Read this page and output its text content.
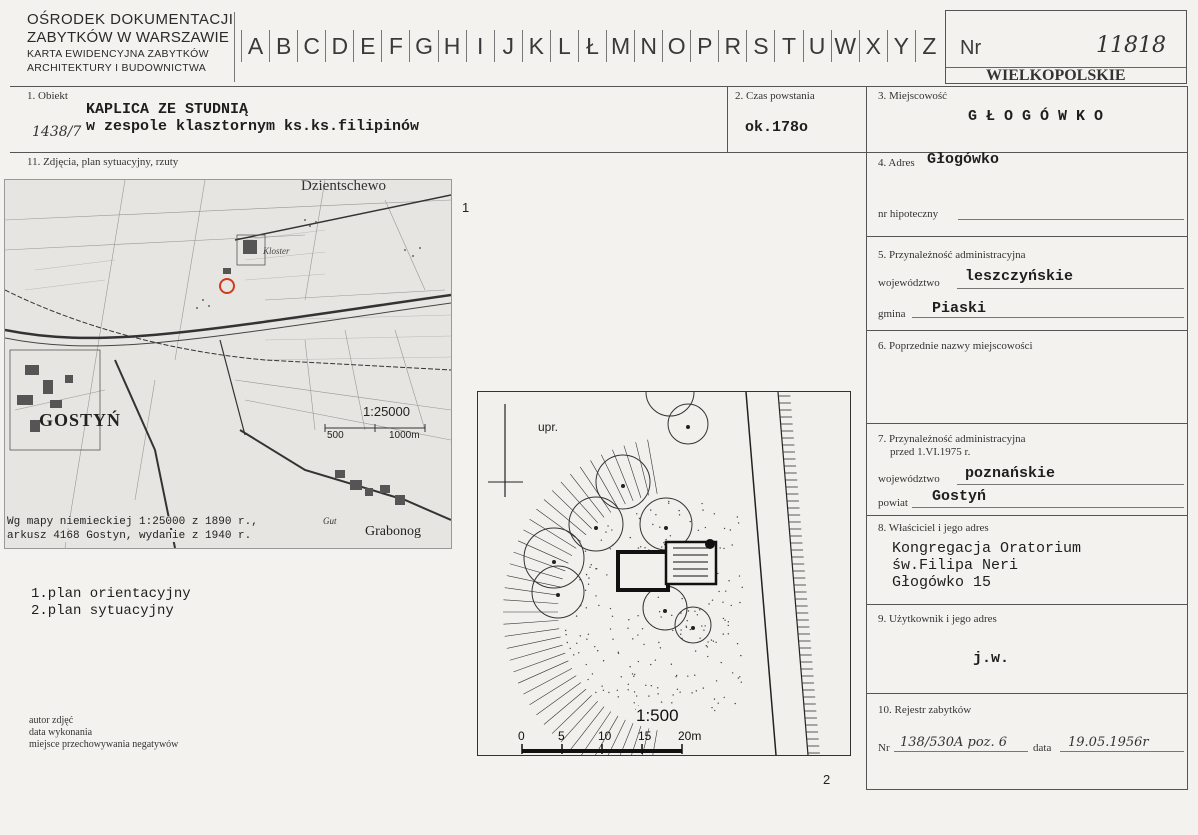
OŚRODEK DOKUMENTACJI
ZABYTKÓW W WARSZAWIE
KARTA EWIDENCYJNA ZABYTKÓW
ARCHITEKTURY I BUDOWNICTWA
A B C D E F G H I J K L Ł M N O P R S T U W X Y Z	Nr	11818
WIELKOPOLSKIE
1. Obiekt
KAPLICA ZE STUDNIĄ
w zespole klasztornym ks.ks.filipinów
1438/7
2. Czas powstania
ok.178o
3. Miejscowość
G Ł O G Ó W K O
11. Zdjęcia, plan sytuacyjny, rzuty	4. Adres Głogówko
nr hipoteczny
5. Przynależność administracyjna
województwo leszczyńskie
gmina Piaski
6. Poprzednie nazwy miejscowości
7. Przynależność administracyjna
przed 1.VI.1975 r.
województwo poznańskie
powiat Gostyń
8. Właściciel i jego adres
Kongregacja Oratorium
św.Filipa Neri
Głogówko 15
9. Użytkownik i jego adres
j.w.
10. Rejestr zabytków
Nr 138/530A poz. 6 data 19.05.1956r
Dzientschewo
Kloster
GOSTYŃ	1:25000
500	1000m
Gut
Grabonog
Wg mapy niemieckiej 1:25000 z 1890 r.,
arkusz 4168 Gostyn, wydanie z 1940 r.
1
1.plan orientacyjny
2.plan sytuacyjny
upr.
1:500
0	5	10 15 20m
2
autor zdjęć
data wykonania
miejsce przechowywania negatywów
